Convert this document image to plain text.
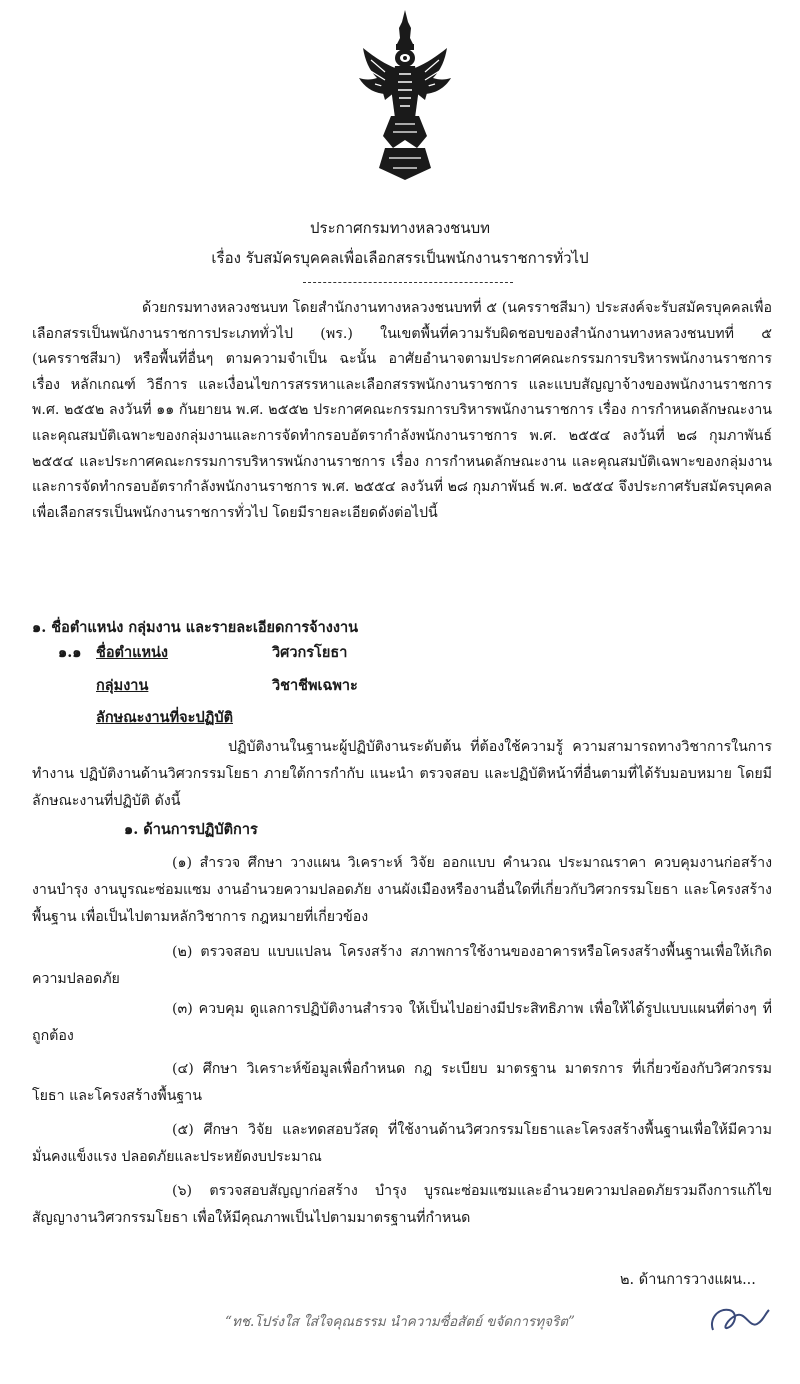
ประกาศกรมทางหลวงชนบท
เรื่อง รับสมัครบุคคลเพื่อเลือกสรรเป็นพนักงานราชการทั่วไป
ด้วยกรมทางหลวงชนบท โดยสำนักงานทางหลวงชนบทที่ ๕ (นครราชสีมา) ประสงค์จะรับสมัครบุคคลเพื่อเลือกสรรเป็นพนักงานราชการประเภททั่วไป (พร.) ในเขตพื้นที่ความรับผิดชอบของสำนักงานทางหลวงชนบทที่ ๕ (นครราชสีมา) หรือพื้นที่อื่นๆ ตามความจำเป็น ฉะนั้น อาศัยอำนาจตามประกาศคณะกรรมการบริหารพนักงานราชการ เรื่อง หลักเกณฑ์ วิธีการ และเงื่อนไขการสรรหาและเลือกสรรพนักงานราชการ และแบบสัญญาจ้างของพนักงานราชการ พ.ศ. ๒๕๕๒ ลงวันที่ ๑๑ กันยายน พ.ศ. ๒๕๕๒ ประกาศคณะกรรมการบริหารพนักงานราชการ เรื่อง การกำหนดลักษณะงานและคุณสมบัติเฉพาะของกลุ่มงานและการจัดทำกรอบอัตรากำลังพนักงานราชการ พ.ศ. ๒๕๕๔ ลงวันที่ ๒๘ กุมภาพันธ์ ๒๕๕๔ และประกาศคณะกรรมการบริหารพนักงานราชการ เรื่อง การกำหนดลักษณะงาน และคุณสมบัติเฉพาะของกลุ่มงานและการจัดทำกรอบอัตรากำลังพนักงานราชการ พ.ศ. ๒๕๕๔ ลงวันที่ ๒๘ กุมภาพันธ์ พ.ศ. ๒๕๕๔ จึงประกาศรับสมัครบุคคลเพื่อเลือกสรรเป็นพนักงานราชการทั่วไป โดยมีรายละเอียดดังต่อไปนี้
๑. ชื่อตำแหน่ง กลุ่มงาน และรายละเอียดการจ้างงาน
๑.๑ ชื่อตำแหน่ง	วิศวกรโยธา
กลุ่มงาน	วิชาชีพเฉพาะ
ลักษณะงานที่จะปฏิบัติ
ปฏิบัติงานในฐานะผู้ปฏิบัติงานระดับต้น ที่ต้องใช้ความรู้ ความสามารถทางวิชาการในการทำงาน ปฏิบัติงานด้านวิศวกรรมโยธา ภายใต้การกำกับ แนะนำ ตรวจสอบ และปฏิบัติหน้าที่อื่นตามที่ได้รับมอบหมาย โดยมีลักษณะงานที่ปฏิบัติ ดังนี้
๑. ด้านการปฏิบัติการ
(๑) สำรวจ ศึกษา วางแผน วิเคราะห์ วิจัย ออกแบบ คำนวณ ประมาณราคา ควบคุมงานก่อสร้าง งานบำรุง งานบูรณะซ่อมแซม งานอำนวยความปลอดภัย งานผังเมืองหรืองานอื่นใดที่เกี่ยวกับวิศวกรรมโยธา และโครงสร้างพื้นฐาน เพื่อเป็นไปตามหลักวิชาการ กฎหมายที่เกี่ยวข้อง
(๒) ตรวจสอบ แบบแปลน โครงสร้าง สภาพการใช้งานของอาคารหรือโครงสร้างพื้นฐานเพื่อให้เกิดความปลอดภัย
(๓) ควบคุม ดูแลการปฏิบัติงานสำรวจ ให้เป็นไปอย่างมีประสิทธิภาพ เพื่อให้ได้รูปแบบแผนที่ต่างๆ ที่ถูกต้อง
(๔) ศึกษา วิเคราะห์ข้อมูลเพื่อกำหนด กฎ ระเบียบ มาตรฐาน มาตรการ ที่เกี่ยวข้องกับวิศวกรรมโยธา และโครงสร้างพื้นฐาน
(๕) ศึกษา วิจัย และทดสอบวัสดุ ที่ใช้งานด้านวิศวกรรมโยธาและโครงสร้างพื้นฐานเพื่อให้มีความมั่นคงแข็งแรง ปลอดภัยและประหยัดงบประมาณ
(๖) ตรวจสอบสัญญาก่อสร้าง บำรุง บูรณะซ่อมแซมและอำนวยความปลอดภัยรวมถึงการแก้ไขสัญญางานวิศวกรรมโยธา เพื่อให้มีคุณภาพเป็นไปตามมาตรฐานที่กำหนด
๒. ด้านการวางแผน...
“ทช.โปร่งใส ใส่ใจคุณธรรม นำความซื่อสัตย์ ขจัดการทุจริต”
